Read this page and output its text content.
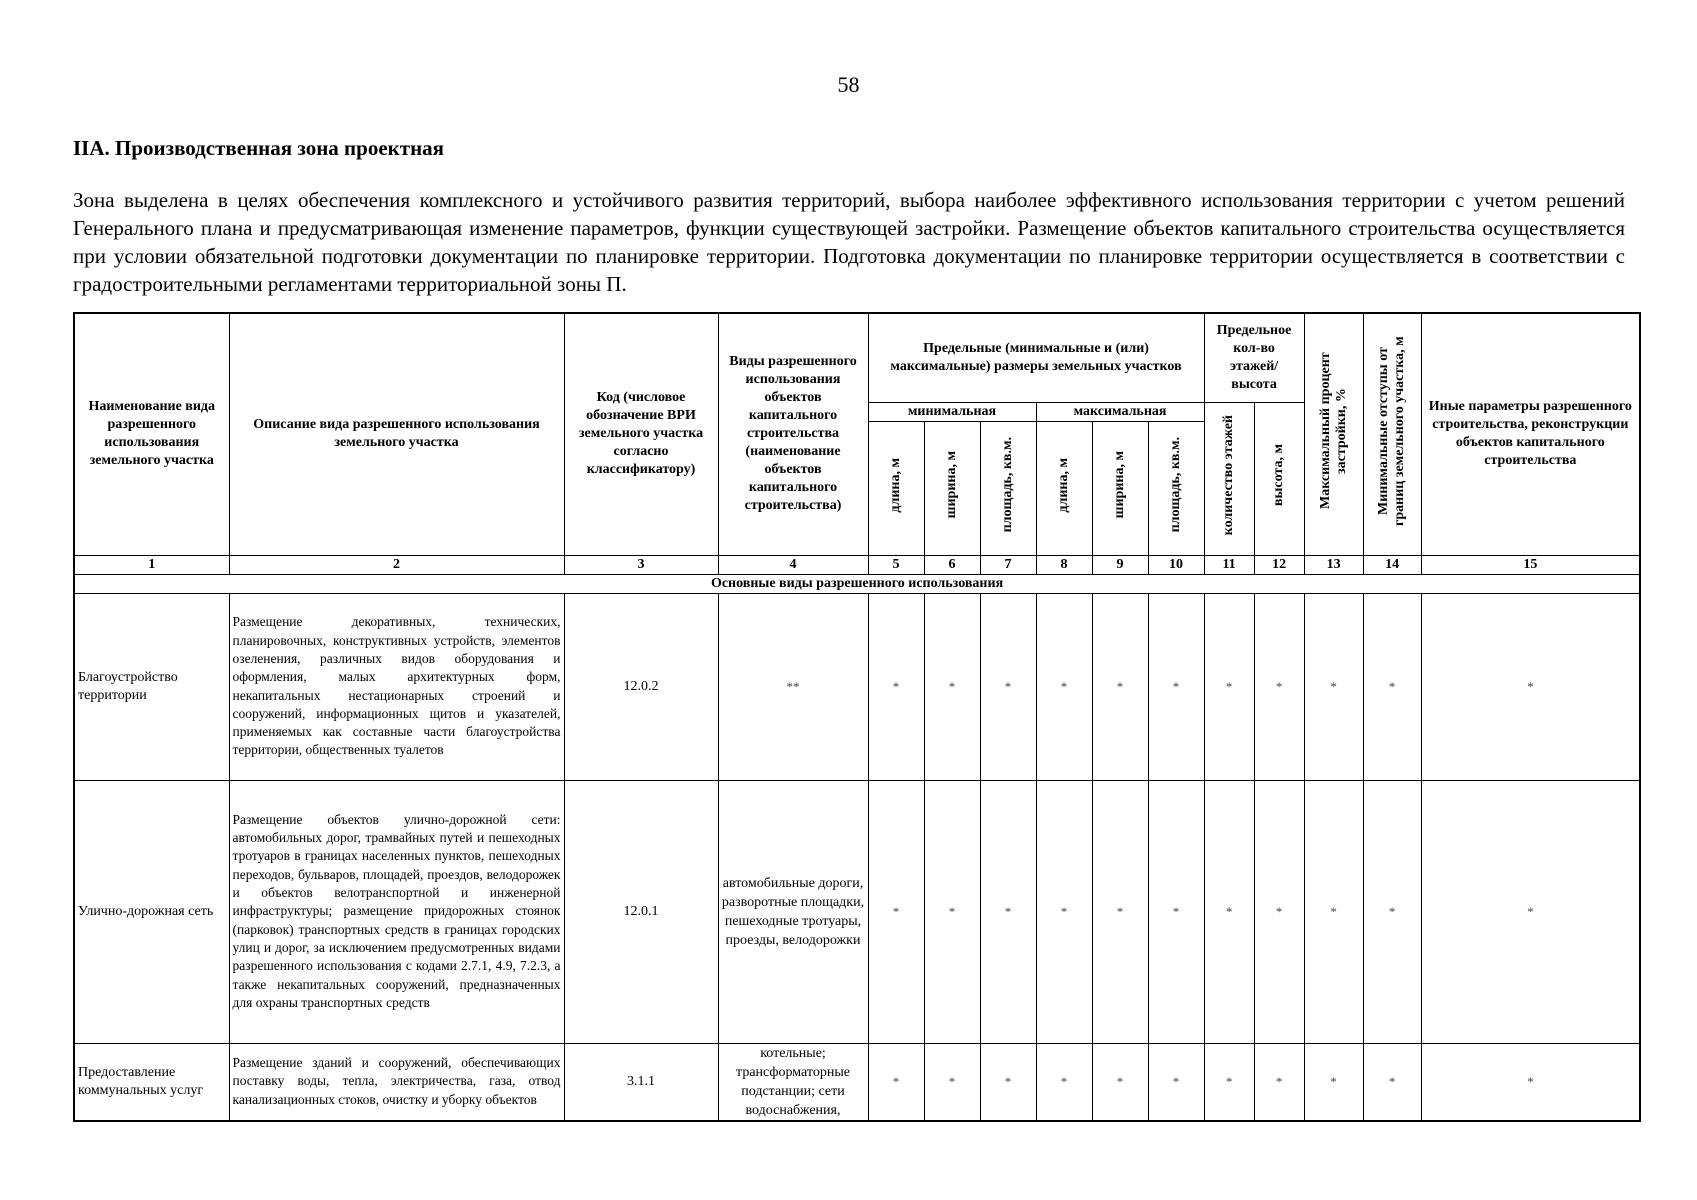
58
IIА. Производственная зона проектная
Зона выделена в целях обеспечения комплексного и устойчивого развития территорий, выбора наиболее эффективного использования территории с учетом решений Генерального плана и предусматривающая изменение параметров, функции существующей застройки. Размещение объектов капитального строительства осуществляется при условии обязательной подготовки документации по планировке территории. Подготовка документации по планировке территории осуществляется в соответствии с градостроительными регламентами территориальной зоны П.
Наименование вида разрешенного использования земельного участка	Описание вида разрешенного использования земельного участка	Код (числовое обозначение ВРИ земельного участка согласно классификатору)	Виды разрешенного использования объектов капитального строительства (наименование объектов капитального строительства)	Предельные (минимальные и (или) максимальные) размеры земельных участков						Предельное кол-во этажей/ высота		Максимальный процент застройки, %	Минимальные отступы от границ земельного участка, м	Иные параметры разрешенного строительства, реконструкции объектов капитального строительства
				минимальная			максимальная			количество этажей	высота, м			
				длина, м	ширина, м	площадь, кв.м.	длина, м	ширина, м	площадь, кв.м.					
1	2	3	4	5	6	7	8	9	10	11	12	13	14	15
Основные виды разрешенного использования														
Благоустройство территории	Размещение декоративных, технических, планировочных, конструктивных устройств, элементов озеленения, различных видов оборудования и оформления, малых архитектурных форм, некапитальных нестационарных строений и сооружений, информационных щитов и указателей, применяемых как составные части благоустройства территории, общественных туалетов	12.0.2	**	*	*	*	*	*	*	*	*	*	*	*
Улично-дорожная сеть	Размещение объектов улично-дорожной сети: автомобильных дорог, трамвайных путей и пешеходных тротуаров в границах населенных пунктов, пешеходных переходов, бульваров, площадей, проездов, велодорожек и объектов велотранспортной и инженерной инфраструктуры; размещение придорожных стоянок (парковок) транспортных средств в границах городских улиц и дорог, за исключением предусмотренных видами разрешенного использования с кодами 2.7.1, 4.9, 7.2.3, а также некапитальных сооружений, предназначенных для охраны транспортных средств	12.0.1	автомобильные дороги, разворотные площадки, пешеходные тротуары, проезды, велодорожки	*	*	*	*	*	*	*	*	*	*	*
Предоставление коммунальных услуг	Размещение зданий и сооружений, обеспечивающих поставку воды, тепла, электричества, газа, отвод канализационных стоков, очистку и уборку объектов	3.1.1	котельные; трансформаторные подстанции; сети водоснабжения,	*	*	*	*	*	*	*	*	*	*	*
